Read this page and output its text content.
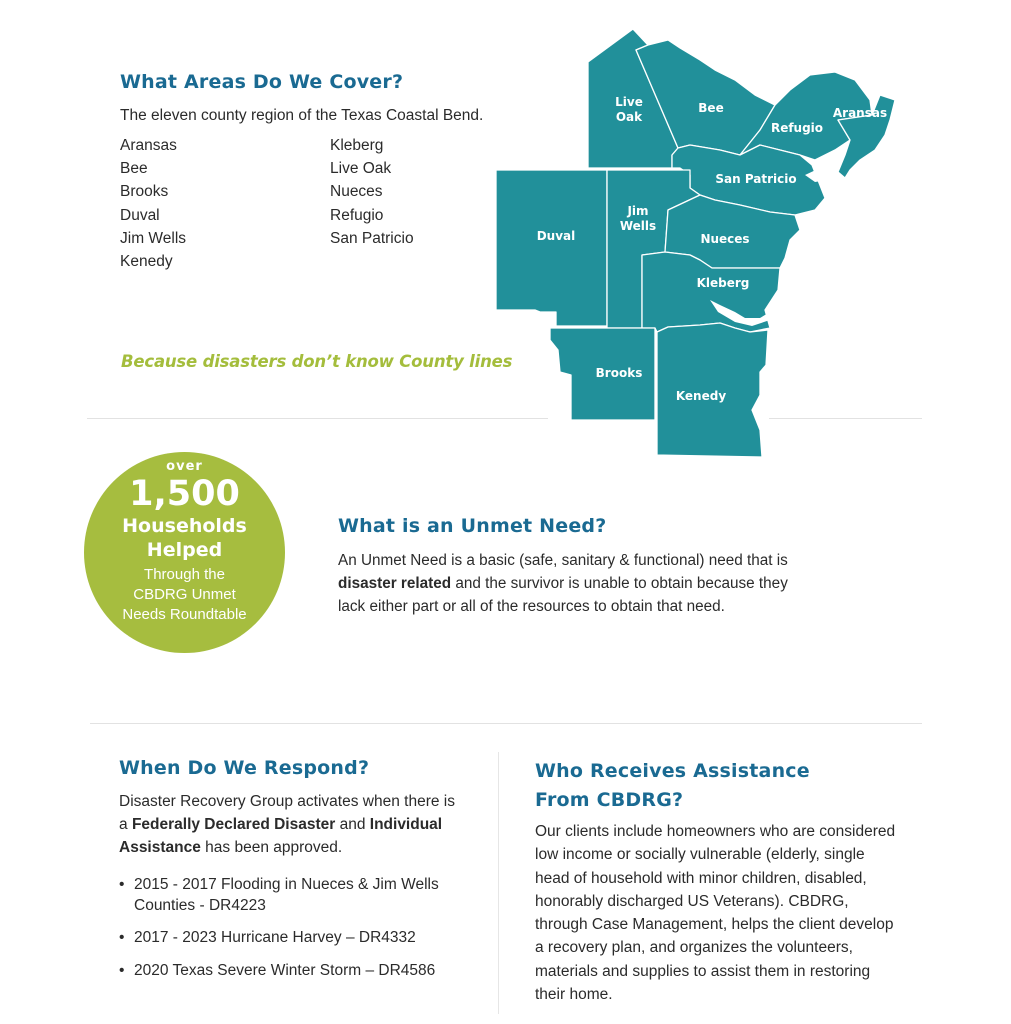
What Areas Do We Cover?
The eleven county region of the Texas Coastal Bend.
Aransas
Bee
Brooks
Duval
Jim Wells
Kenedy
Kleberg
Live Oak
Nueces
Refugio
San Patricio
Because disasters don’t know County lines
Live
Oak
Bee
Refugio
Aransas
San Patricio
Duval
Jim
Wells
Nueces
Kleberg
Brooks
Kenedy
over
1,500
Households
Helped
Through the
CBDRG Unmet
Needs Roundtable
What is an Unmet Need?

An Unmet Need is a basic (safe, sanitary & functional) need that is disaster related and the survivor is unable to obtain because they lack either part or all of the resources to obtain that need.

When Do We Respond?

Disaster Recovery Group activates when there is a Federally Declared Disaster and Individual Assistance has been approved.

• 2015 - 2017 Flooding in Nueces & Jim Wells Counties - DR4223
• 2017 - 2023 Hurricane Harvey – DR4332
• 2020 Texas Severe Winter Storm – DR4586
Who Receives Assistance
From CBDRG?

Our clients include homeowners who are considered low income or socially vulnerable (elderly, single head of household with minor children, disabled, honorably discharged US Veterans). CBDRG, through Case Management, helps the client develop a recovery plan, and organizes the volunteers, materials and supplies to assist them in restoring their home.
